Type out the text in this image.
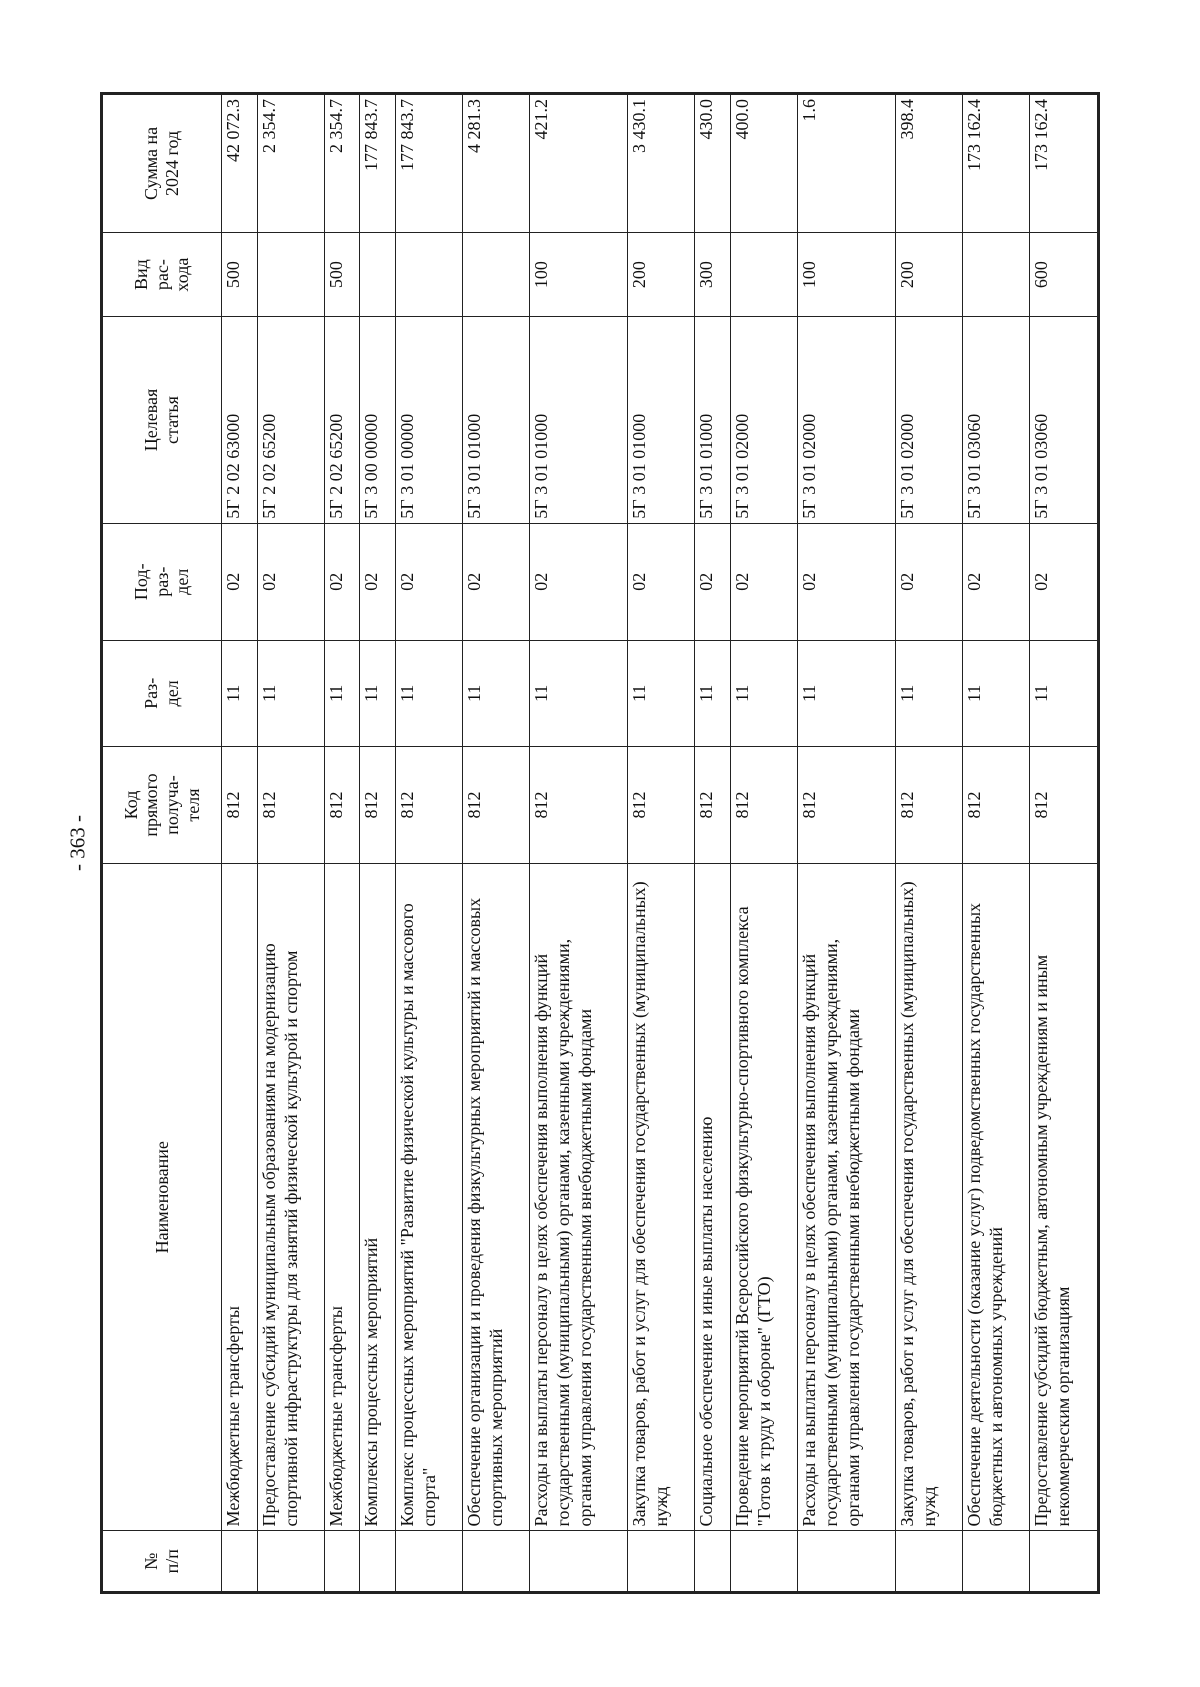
- 363 -
№
п/п	Наименование	Код
прямого
получа-
теля	Раз-
дел	Под-
раз-
дел	Целевая
статья	Вид
рас-
хода	Сумма на
2024 год
	Межбюджетные трансферты	812	11	02	5Г 2 02 63000	500	42 072.3
	Предоставление субсидий муниципальным образованиям на модернизацию спортивной инфраструктуры для занятий физической культурой и спортом	812	11	02	5Г 2 02 65200		2 354.7
	Межбюджетные трансферты	812	11	02	5Г 2 02 65200	500	2 354.7
	Комплексы процессных мероприятий	812	11	02	5Г 3 00 00000		177 843.7
	Комплекс процессных мероприятий "Развитие физической культуры и массового спорта"	812	11	02	5Г 3 01 00000		177 843.7
	Обеспечение организации и проведения физкультурных мероприятий и массовых спортивных мероприятий	812	11	02	5Г 3 01 01000		4 281.3
	Расходы на выплаты персоналу в целях обеспечения выполнения функций государственными (муниципальными) органами, казенными учреждениями, органами управления государственными внебюджетными фондами	812	11	02	5Г 3 01 01000	100	421.2
	Закупка товаров, работ и услуг для обеспечения государственных (муниципальных) нужд	812	11	02	5Г 3 01 01000	200	3 430.1
	Социальное обеспечение и иные выплаты населению	812	11	02	5Г 3 01 01000	300	430.0
	Проведение мероприятий Всероссийского физкультурно-спортивного комплекса "Готов к труду и обороне" (ГТО)	812	11	02	5Г 3 01 02000		400.0
	Расходы на выплаты персоналу в целях обеспечения выполнения функций государственными (муниципальными) органами, казенными учреждениями, органами управления государственными внебюджетными фондами	812	11	02	5Г 3 01 02000	100	1.6
	Закупка товаров, работ и услуг для обеспечения государственных (муниципальных) нужд	812	11	02	5Г 3 01 02000	200	398.4
	Обеспечение деятельности (оказание услуг) подведомственных государственных бюджетных и автономных учреждений	812	11	02	5Г 3 01 03060		173 162.4
	Предоставление субсидий бюджетным, автономным учреждениям и иным некоммерческим организациям	812	11	02	5Г 3 01 03060	600	173 162.4
